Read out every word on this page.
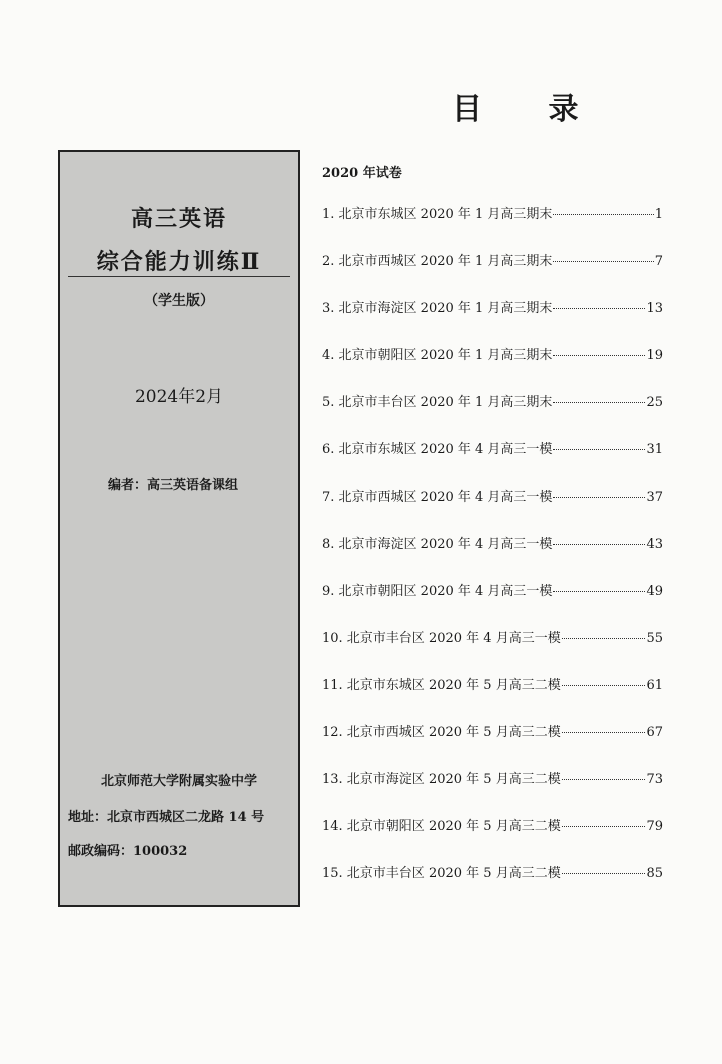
目 录
高三英语
综合能力训练Ⅱ
（学生版）
2024年2月
编者：高三英语备课组
北京师范大学附属实验中学
地址：北京市西城区二龙路 14 号
邮政编码：100032
2020 年试卷
1. 北京市东城区 2020 年 1 月高三期末	1
2. 北京市西城区 2020 年 1 月高三期末	7
3. 北京市海淀区 2020 年 1 月高三期末	13
4. 北京市朝阳区 2020 年 1 月高三期末	19
5. 北京市丰台区 2020 年 1 月高三期末	25
6. 北京市东城区 2020 年 4 月高三一模	31
7. 北京市西城区 2020 年 4 月高三一模	37
8. 北京市海淀区 2020 年 4 月高三一模	43
9. 北京市朝阳区 2020 年 4 月高三一模	49
10. 北京市丰台区 2020 年 4 月高三一模	55
11. 北京市东城区 2020 年 5 月高三二模	61
12. 北京市西城区 2020 年 5 月高三二模	67
13. 北京市海淀区 2020 年 5 月高三二模	73
14. 北京市朝阳区 2020 年 5 月高三二模	79
15. 北京市丰台区 2020 年 5 月高三二模	85
